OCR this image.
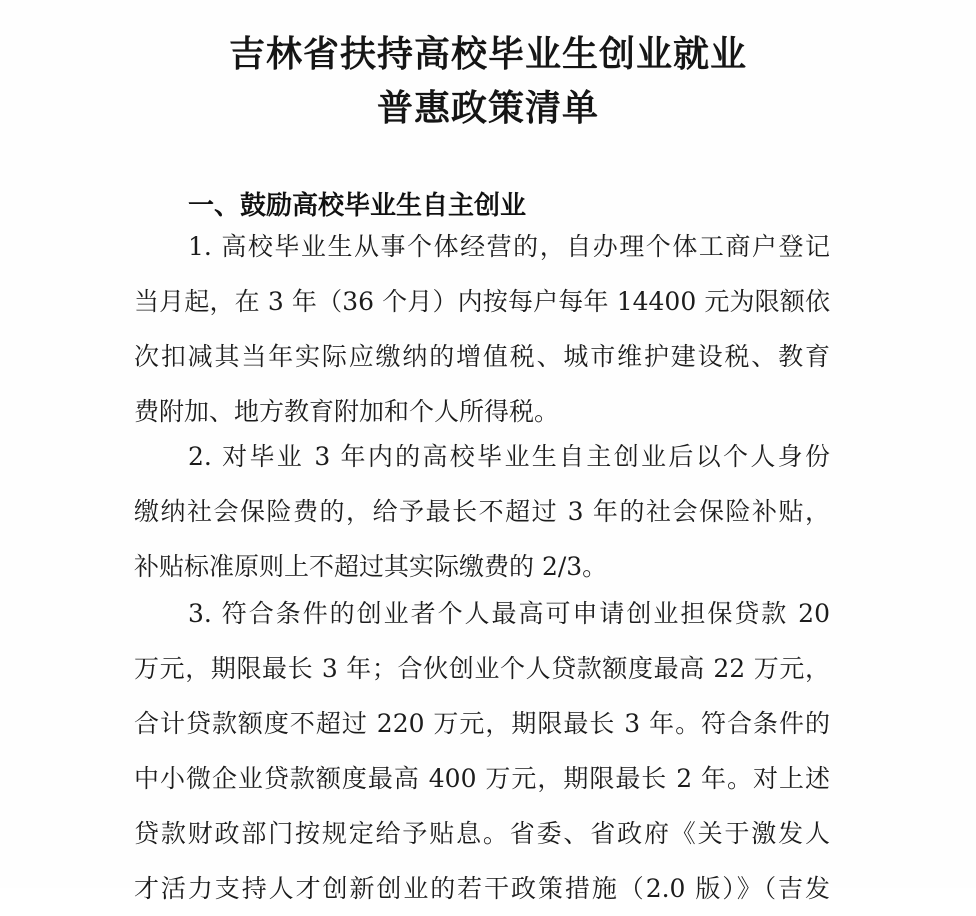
吉林省扶持高校毕业生创业就业
普惠政策清单
一、鼓励高校毕业生自主创业

1. 高校毕业生从事个体经营的，自办理个体工商户登记
当月起，在 3 年（36 个月）内按每户每年 14400 元为限额依
次扣减其当年实际应缴纳的增值税、城市维护建设税、教育
费附加、地方教育附加和个人所得税。

2. 对毕业 3 年内的高校毕业生自主创业后以个人身份
缴纳社会保险费的，给予最长不超过 3 年的社会保险补贴，
补贴标准原则上不超过其实际缴费的 2/3。

3. 符合条件的创业者个人最高可申请创业担保贷款 20
万元，期限最长 3 年；合伙创业个人贷款额度最高 22 万元，
合计贷款额度不超过 220 万元，期限最长 3 年。符合条件的
中小微企业贷款额度最高 400 万元，期限最长 2 年。对上述
贷款财政部门按规定给予贴息。省委、省政府《关于激发人
才活力支持人才创新创业的若干政策措施（2.0 版）》（吉发
